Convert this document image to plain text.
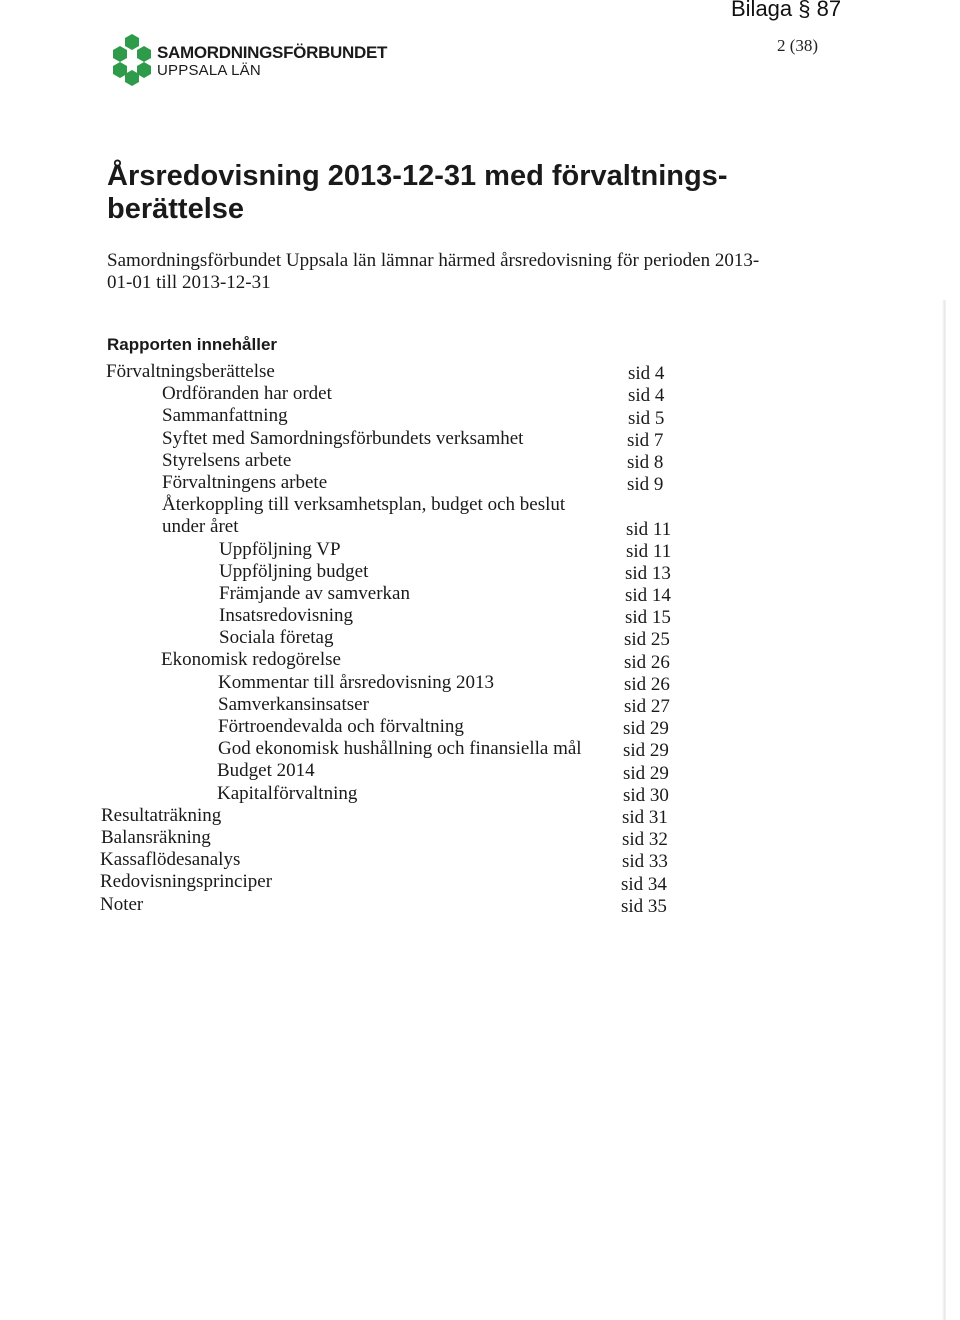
Bilaga § 87
2 (38)
SAMORDNINGSFÖRBUNDET
UPPSALA LÄN
Årsredovisning 2013-12-31 med förvaltnings-berättelse
Samordningsförbundet Uppsala län lämnar härmed årsredovisning för perioden 2013-01-01 till 2013-12-31
Rapporten innehåller
Förvaltningsberättelse	sid 4
Ordföranden har ordet	sid 4
Sammanfattning	sid 5
Syftet med Samordningsförbundets verksamhet	sid 7
Styrelsens arbete	sid 8
Förvaltningens arbete	sid 9
Återkoppling till verksamhetsplan, budget och beslut under året	sid 11
Uppföljning VP	sid 11
Uppföljning budget	sid 13
Främjande av samverkan	sid 14
Insatsredovisning	sid 15
Sociala företag	sid 25
Ekonomisk redogörelse	sid 26
Kommentar till årsredovisning 2013	sid 26
Samverkansinsatser	sid 27
Förtroendevalda och förvaltning	sid 29
God ekonomisk hushållning och finansiella mål sid 29
Budget 2014	sid 29
Kapitalförvaltning	sid 30
Resultaträkning	sid 31
Balansräkning	sid 32
Kassaflödesanalys	sid 33
Redovisningsprinciper	sid 34
Noter	sid 35
